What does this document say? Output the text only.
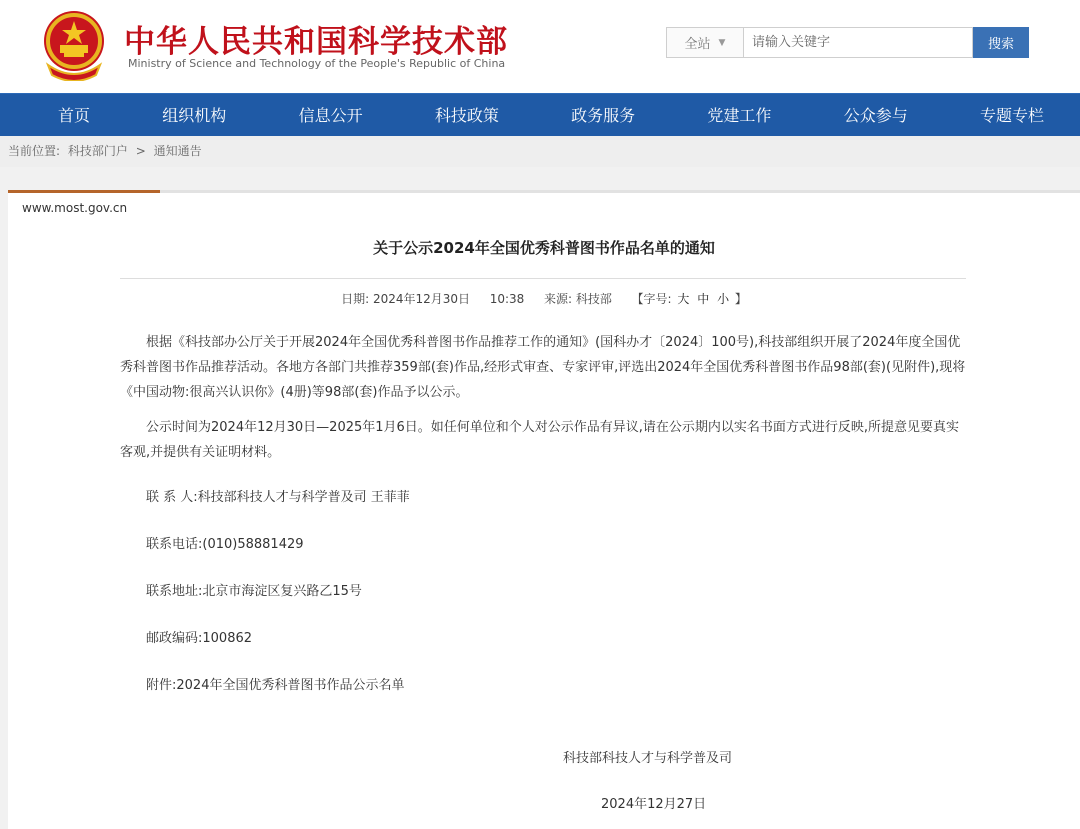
中华人民共和国科学技术部
Ministry of Science and Technology of the People's Republic of China
全站 ▼
请输入关键字	搜索
首页	组织机构	信息公开	科技政策	政务服务	党建工作	公众参与	专题专栏
当前位置: 科技部门户 > 通知通告
www.most.gov.cn
关于公示2024年全国优秀科普图书作品名单的通知
日期: 2024年12月30日 10:38 来源: 科技部 【字号: 大 中 小 】

根据《科技部办公厅关于开展2024年全国优秀科普图书作品推荐工作的通知》(国科办才〔2024〕100号),科技部组织开展了2024年度全国优秀科普图书作品推荐活动。各地方各部门共推荐359部(套)作品,经形式审查、专家评审,评选出2024年全国优秀科普图书作品98部(套)(见附件),现将《中国动物:很高兴认识你》(4册)等98部(套)作品予以公示。

公示时间为2024年12月30日—2025年1月6日。如任何单位和个人对公示作品有异议,请在公示期内以实名书面方式进行反映,所提意见要真实客观,并提供有关证明材料。

联 系 人:科技部科技人才与科学普及司 王菲菲

联系电话:(010)58881429

联系地址:北京市海淀区复兴路乙15号

邮政编码:100862

附件:2024年全国优秀科普图书作品公示名单

科技部科技人才与科学普及司
2024年12月27日
